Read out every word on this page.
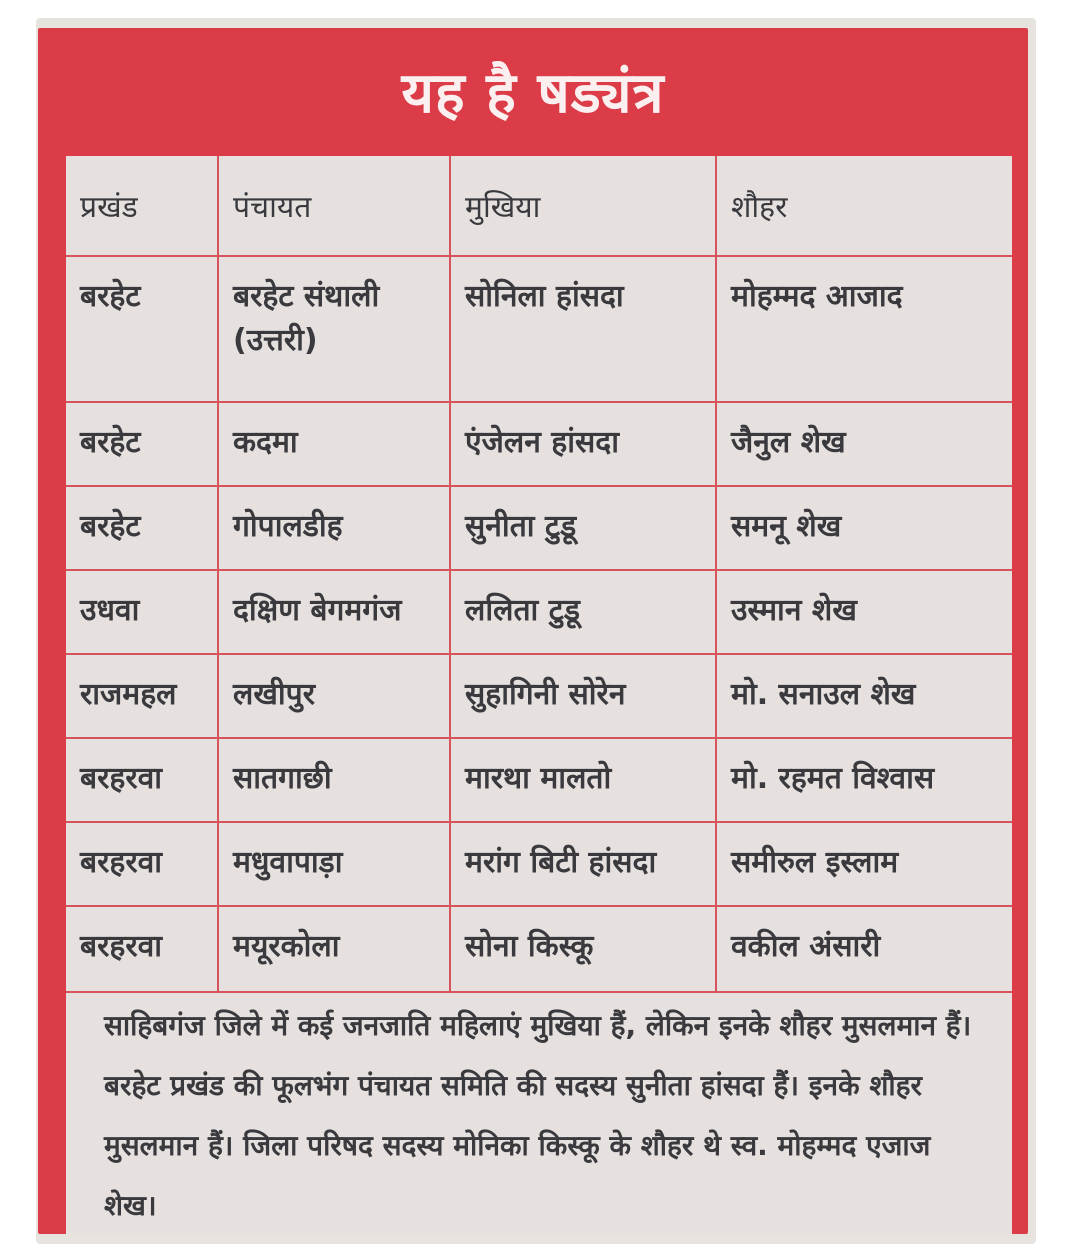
यह है षड्यंत्र
प्रखंड	पंचायत	मुखिया	शौहर
बरहेट	बरहेट संथाली (उत्तरी)	सोनिला हांसदा	मोहम्मद आजाद
बरहेट	कदमा	एंजेलन हांसदा	जैनुल शेख
बरहेट	गोपालडीह	सुनीता टुडू	समनू शेख
उधवा	दक्षिण बेगमगंज	ललिता टुडू	उस्मान शेख
राजमहल	लखीपुर	सुहागिनी सोरेन	मो. सनाउल शेख
बरहरवा	सातगाछी	मारथा मालतो	मो. रहमत विश्वास
बरहरवा	मधुवापाड़ा	मरांग बिटी हांसदा	समीरुल इस्लाम
बरहरवा	मयूरकोला	सोना किस्कू	वकील अंसारी
साहिबगंज जिले में कई जनजाति महिलाएं मुखिया हैं, लेकिन इनके शौहर मुसलमान हैं। बरहेट प्रखंड की फूलभंग पंचायत समिति की सदस्य सुनीता हांसदा हैं। इनके शौहर मुसलमान हैं। जिला परिषद सदस्य मोनिका किस्कू के शौहर थे स्व. मोहम्मद एजाज शेख।
